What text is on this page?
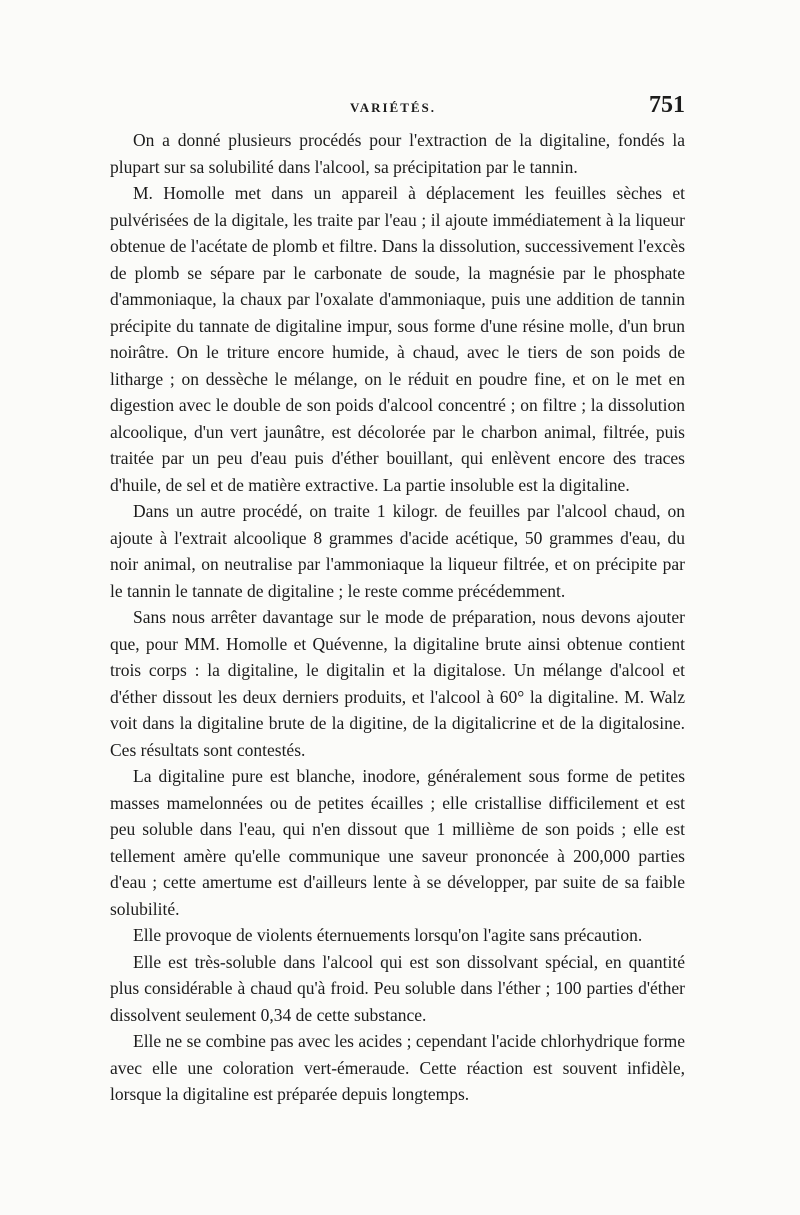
VARIÉTÉS.	751

On a donné plusieurs procédés pour l'extraction de la digitaline, fondés la plupart sur sa solubilité dans l'alcool, sa précipitation par le tannin.

M. Homolle met dans un appareil à déplacement les feuilles sèches et pulvérisées de la digitale, les traite par l'eau ; il ajoute immédiatement à la liqueur obtenue de l'acétate de plomb et filtre. Dans la dissolution, successivement l'excès de plomb se sépare par le carbonate de soude, la magnésie par le phosphate d'ammoniaque, la chaux par l'oxalate d'ammoniaque, puis une addition de tannin précipite du tannate de digitaline impur, sous forme d'une résine molle, d'un brun noirâtre. On le triture encore humide, à chaud, avec le tiers de son poids de litharge ; on dessèche le mélange, on le réduit en poudre fine, et on le met en digestion avec le double de son poids d'alcool concentré ; on filtre ; la dissolution alcoolique, d'un vert jaunâtre, est décolorée par le charbon animal, filtrée, puis traitée par un peu d'eau puis d'éther bouillant, qui enlèvent encore des traces d'huile, de sel et de matière extractive. La partie insoluble est la digitaline.

Dans un autre procédé, on traite 1 kilogr. de feuilles par l'alcool chaud, on ajoute à l'extrait alcoolique 8 grammes d'acide acétique, 50 grammes d'eau, du noir animal, on neutralise par l'ammoniaque la liqueur filtrée, et on précipite par le tannin le tannate de digitaline ; le reste comme précédemment.

Sans nous arrêter davantage sur le mode de préparation, nous devons ajouter que, pour MM. Homolle et Quévenne, la digitaline brute ainsi obtenue contient trois corps : la digitaline, le digitalin et la digitalose. Un mélange d'alcool et d'éther dissout les deux derniers produits, et l'alcool à 60° la digitaline. M. Walz voit dans la digitaline brute de la digitine, de la digitalicrine et de la digitalosine. Ces résultats sont contestés.

La digitaline pure est blanche, inodore, généralement sous forme de petites masses mamelonnées ou de petites écailles ; elle cristallise difficilement et est peu soluble dans l'eau, qui n'en dissout que 1 millième de son poids ; elle est tellement amère qu'elle communique une saveur prononcée à 200,000 parties d'eau ; cette amertume est d'ailleurs lente à se développer, par suite de sa faible solubilité.

Elle provoque de violents éternuements lorsqu'on l'agite sans précaution.

Elle est très-soluble dans l'alcool qui est son dissolvant spécial, en quantité plus considérable à chaud qu'à froid. Peu soluble dans l'éther ; 100 parties d'éther dissolvent seulement 0,34 de cette substance.

Elle ne se combine pas avec les acides ; cependant l'acide chlorhydrique forme avec elle une coloration vert-émeraude. Cette réaction est souvent infidèle, lorsque la digitaline est préparée depuis longtemps.
